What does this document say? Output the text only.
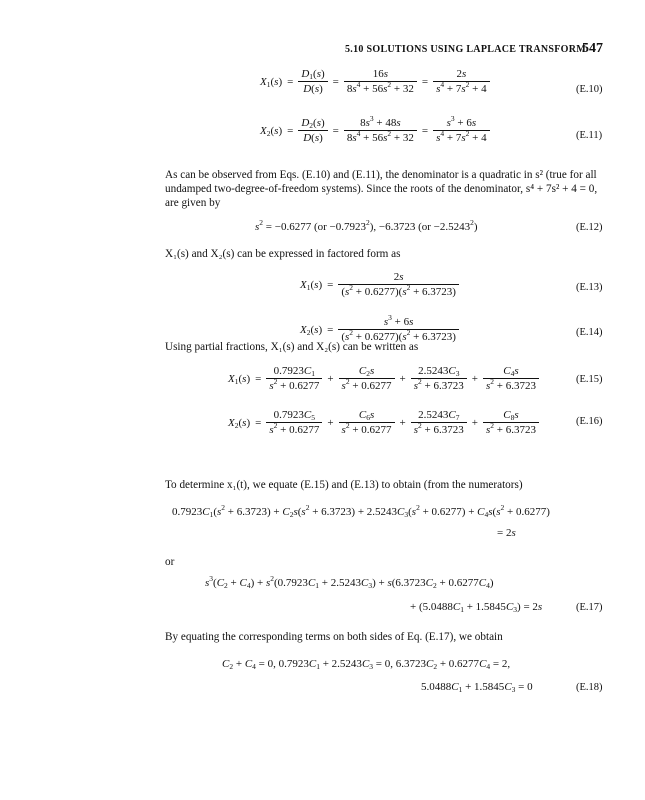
5.10 SOLUTIONS USING LAPLACE TRANSFORM
547
$X_1(s) = \frac{D_1(s)}{D(s)} = \frac{16s}{8s^4 + 56s^2 + 32} = \frac{2s}{s^4 + 7s^2 + 4}$	(E.10)
$X_2(s) = \frac{D_2(s)}{D(s)} = \frac{8s^3 + 48s}{8s^4 + 56s^2 + 32} = \frac{s^3 + 6s}{s^4 + 7s^2 + 4}$	(E.11)
As can be observed from Eqs. (E.10) and (E.11), the denominator is a quadratic in s² (true for all
undamped two-degree-of-freedom systems). Since the roots of the denominator, s⁴ + 7s² + 4 = 0,
are given by
$s^2 = -0.6277$ $(or -0.7923^2)$, −6.3723 $(or -2.5243^2)$	(E.12)
X₁(s) and X₂(s) can be expressed in factored form as
$X_1(s) = \frac{2s}{(s^2 + 0.6277)(s^2 + 6.3723)}$	(E.13)
$X_2(s) = \frac{s^3 + 6s}{(s^2 + 0.6277)(s^2 + 6.3723)}$	(E.14)
Using partial fractions, X₁(s) and X₂(s) can be written as
$X_1(s) = \frac{0.7923C_1}{s^2 + 0.6277} + \frac{C_2s}{s^2 + 0.6277} + \frac{2.5243C_3}{s^2 + 6.3723} + \frac{C_4s}{s^2 + 6.3723}$	(E.15)
$X_2(s) = \frac{0.7923C_5}{s^2 + 0.6277} + \frac{C_6s}{s^2 + 0.6277} + \frac{2.5243C_7}{s^2 + 6.3723} + \frac{C_8s}{s^2 + 6.3723}$	(E.16)
To determine x₁(t), we equate (E.15) and (E.13) to obtain (from the numerators)
$0.7923C_1(s^2 + 6.3723) + C_2s(s^2 + 6.3723) + 2.5243C_3(s^2 + 0.6277) + C_4s(s^2 + 0.6277)$
= 2s
or
$s^3(C_2 + C_4) + s^2(0.7923C_1 + 2.5243C_3) + s(6.3723C_2 + 0.6277C_4)$
+ $(5.0488C_1 + 1.5845C_3) = 2s$	(E.17)
By equating the corresponding terms on both sides of Eq. (E.17), we obtain
$C_2 + C_4 = 0$, $0.7923C_1 + 2.5243C_3 = 0$, $6.3723C_2 + 0.6277C_4 = 2$,
$5.0488C_1 + 1.5845C_3 = 0$	(E.18)
